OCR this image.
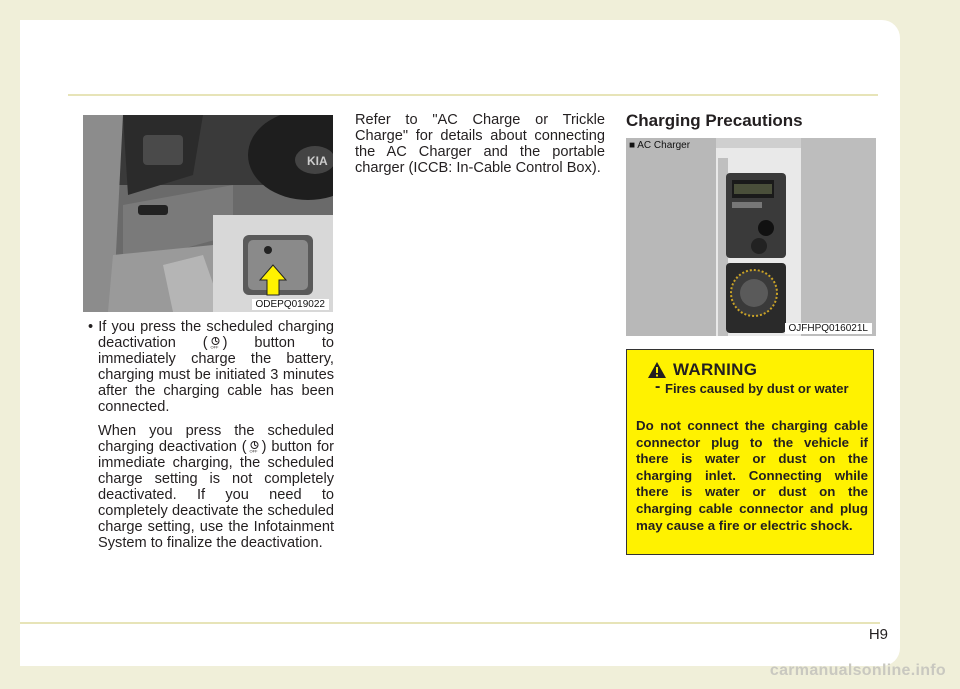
KIA
ODEPQ019022

• If you press the scheduled charging deactivation ( OFF ) button to immediately charge the battery, charging must be initiated 3 minutes after the charging cable has been connected.

When you press the scheduled charging deactivation ( OFF ) button for immediate charging, the scheduled charge setting is not completely deactivated. If you need to completely deactivate the scheduled charge setting, use the Infotainment System to finalize the deactivation.

Refer to "AC Charge or Trickle Charge" for details about connecting the AC Charger and the portable charger (ICCB: In-Cable Control Box).

Charging Precautions
■ AC Charger
OJFHPQ016021L
WARNING
- Fires caused by dust or water
Do not connect the charging cable connector plug to the vehicle if there is water or dust on the charging inlet. Connecting while there is water or dust on the charging cable connector and plug may cause a fire or electric shock.
H9
carmanualsonline.info
